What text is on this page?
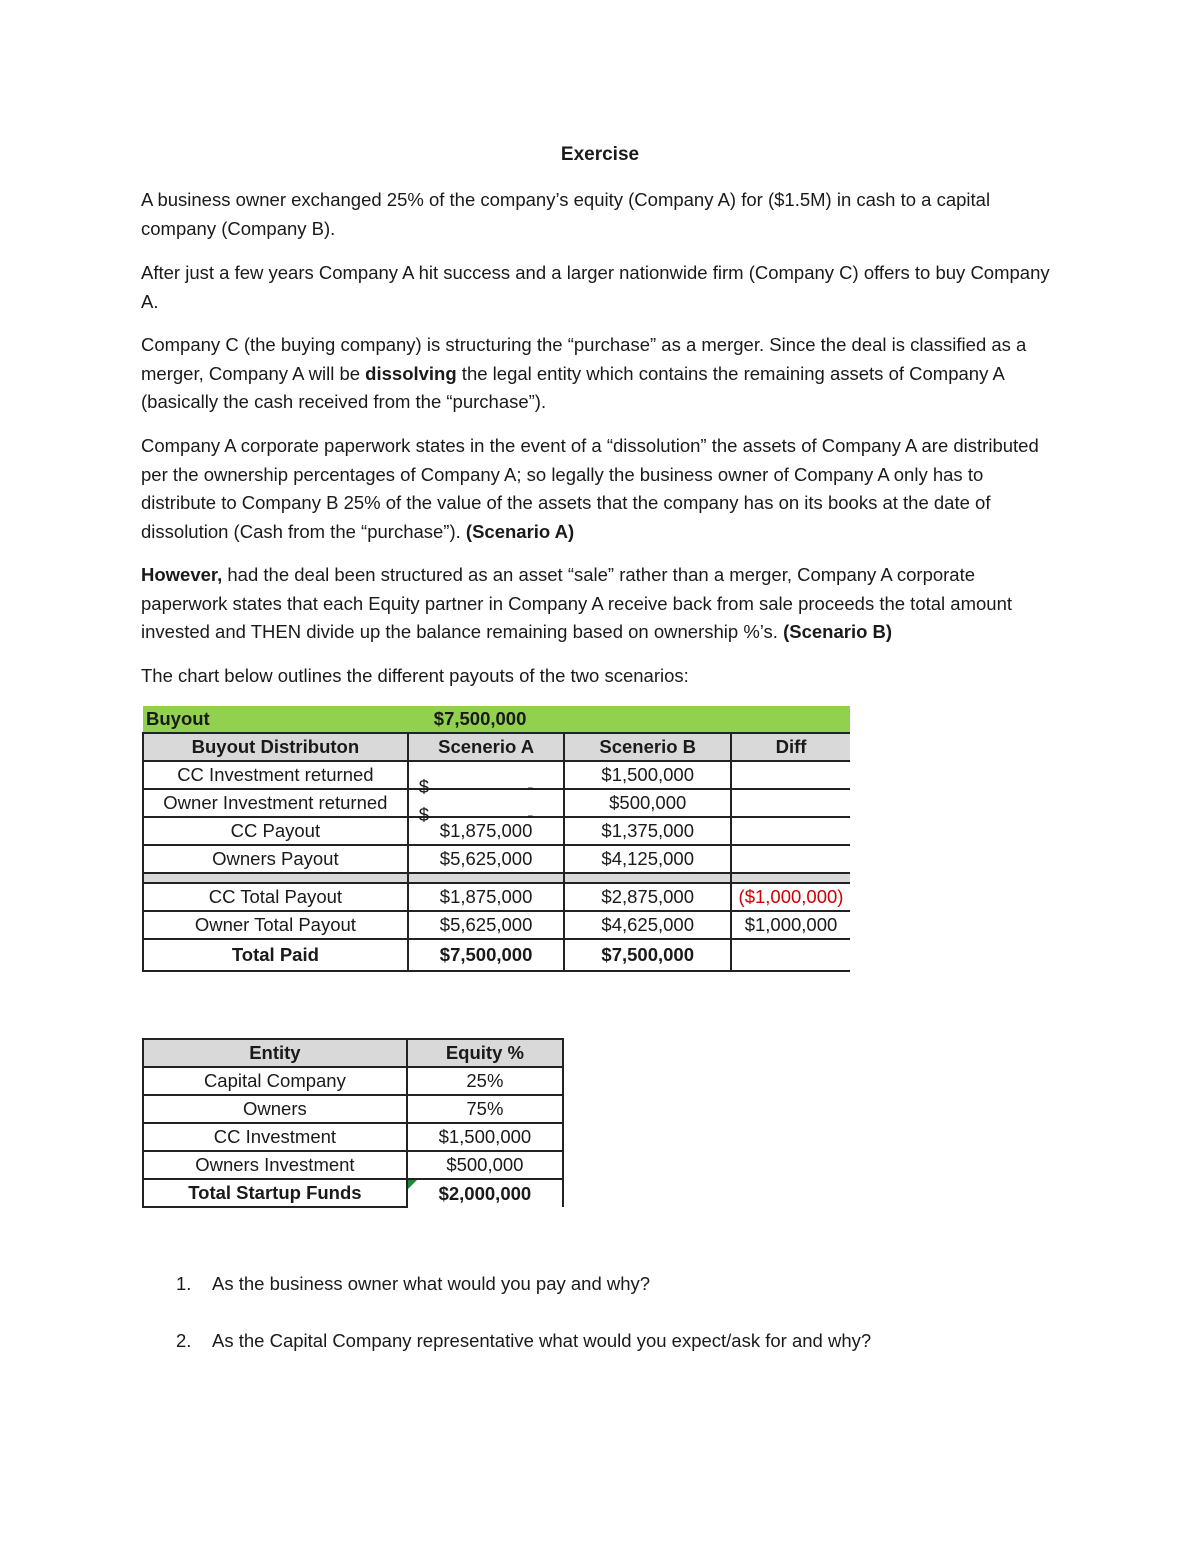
Exercise
A business owner exchanged 25% of the company’s equity (Company A) for ($1.5M) in cash to a capital company (Company B).
After just a few years Company A hit success and a larger nationwide firm (Company C) offers to buy Company A.
Company C (the buying company) is structuring the “purchase” as a merger. Since the deal is classified as a merger, Company A will be dissolving the legal entity which contains the remaining assets of Company A (basically the cash received from the “purchase”).
Company A corporate paperwork states in the event of a “dissolution” the assets of Company A are distributed per the ownership percentages of Company A; so legally the business owner of Company A only has to distribute to Company B 25% of the value of the assets that the company has on its books at the date of dissolution (Cash from the “purchase”). (Scenario A)
However, had the deal been structured as an asset “sale” rather than a merger, Company A corporate paperwork states that each Equity partner in Company A receive back from sale proceeds the total amount invested and THEN divide up the balance remaining based on ownership %’s. (Scenario B)
The chart below outlines the different payouts of the two scenarios:
Buyout	$7,500,000		
Buyout Distributon	Scenerio A	Scenerio B	Diff
CC Investment returned	$ -	$1,500,000	
Owner Investment returned	$ -	$500,000	
CC Payout	$1,875,000	$1,375,000	
Owners Payout	$5,625,000	$4,125,000	

CC Total Payout	$1,875,000	$2,875,000	($1,000,000)
Owner Total Payout	$5,625,000	$4,625,000	$1,000,000
Total Paid	$7,500,000	$7,500,000	
Entity	Equity %
Capital Company	25%
Owners	75%
CC Investment	$1,500,000
Owners Investment	$500,000
Total Startup Funds	$2,000,000
1. As the business owner what would you pay and why?
2. As the Capital Company representative what would you expect/ask for and why?
